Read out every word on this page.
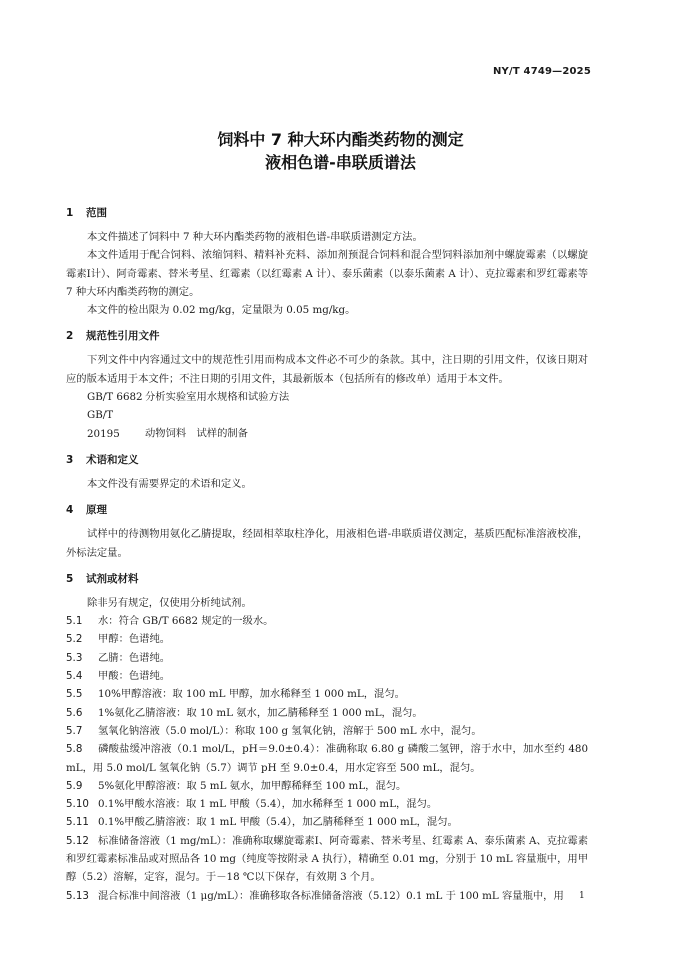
NY/T 4749—2025
饲料中 7 种大环内酯类药物的测定
液相色谱-串联质谱法
1	范围

本文件描述了饲料中 7 种大环内酯类药物的液相色谱-串联质谱测定方法。

本文件适用于配合饲料、浓缩饲料、精料补充料、添加剂预混合饲料和混合型饲料添加剂中螺旋霉素（以螺旋霉素Ⅰ计）、阿奇霉素、替米考星、红霉素（以红霉素 A 计）、泰乐菌素（以泰乐菌素 A 计）、克拉霉素和罗红霉素等 7 种大环内酯类药物的测定。

本文件的检出限为 0.02 mg/kg，定量限为 0.05 mg/kg。

2	规范性引用文件

下列文件中内容通过文中的规范性引用而构成本文件必不可少的条款。其中，注日期的引用文件，仅该日期对应的版本适用于本文件；不注日期的引用文件，其最新版本（包括所有的修改单）适用于本文件。

GB/T 6682 分析实验室用水规格和试验方法

GB/T 20195 动物饲料　试样的制备

3	术语和定义

本文件没有需要界定的术语和定义。

4	原理

试样中的待测物用氨化乙腈提取，经固相萃取柱净化，用液相色谱-串联质谱仪测定，基质匹配标准溶液校准，外标法定量。

5	试剂或材料

除非另有规定，仅使用分析纯试剂。

5.1 水：符合 GB/T 6682 规定的一级水。

5.2 甲醇：色谱纯。

5.3 乙腈：色谱纯。

5.4 甲酸：色谱纯。

5.5 10%甲醇溶液：取 100 mL 甲醇，加水稀释至 1 000 mL，混匀。

5.6 1%氨化乙腈溶液：取 10 mL 氨水，加乙腈稀释至 1 000 mL，混匀。

5.7 氢氧化钠溶液（5.0 mol/L）：称取 100 g 氢氧化钠，溶解于 500 mL 水中，混匀。

5.8 磷酸盐缓冲溶液（0.1 mol/L，pH＝9.0±0.4）：准确称取 6.80 g 磷酸二氢钾，溶于水中，加水至约 480 mL，用 5.0 mol/L 氢氧化钠（5.7）调节 pH 至 9.0±0.4，用水定容至 500 mL，混匀。

5.9 5%氨化甲醇溶液：取 5 mL 氨水，加甲醇稀释至 100 mL，混匀。

5.10 0.1%甲酸水溶液：取 1 mL 甲酸（5.4），加水稀释至 1 000 mL，混匀。

5.11 0.1%甲酸乙腈溶液：取 1 mL 甲酸（5.4），加乙腈稀释至 1 000 mL，混匀。

5.12 标准储备溶液（1 mg/mL）：准确称取螺旋霉素Ⅰ、阿奇霉素、替米考星、红霉素 A、泰乐菌素 A、克拉霉素和罗红霉素标准品或对照品各 10 mg（纯度等按附录 A 执行），精确至 0.01 mg，分别于 10 mL 容量瓶中，用甲醇（5.2）溶解，定容，混匀。于－18 ℃以下保存，有效期 3 个月。

5.13 混合标准中间溶液（1 μg/mL）：准确移取各标准储备溶液（5.12）0.1 mL 于 100 mL 容量瓶中，用	1
